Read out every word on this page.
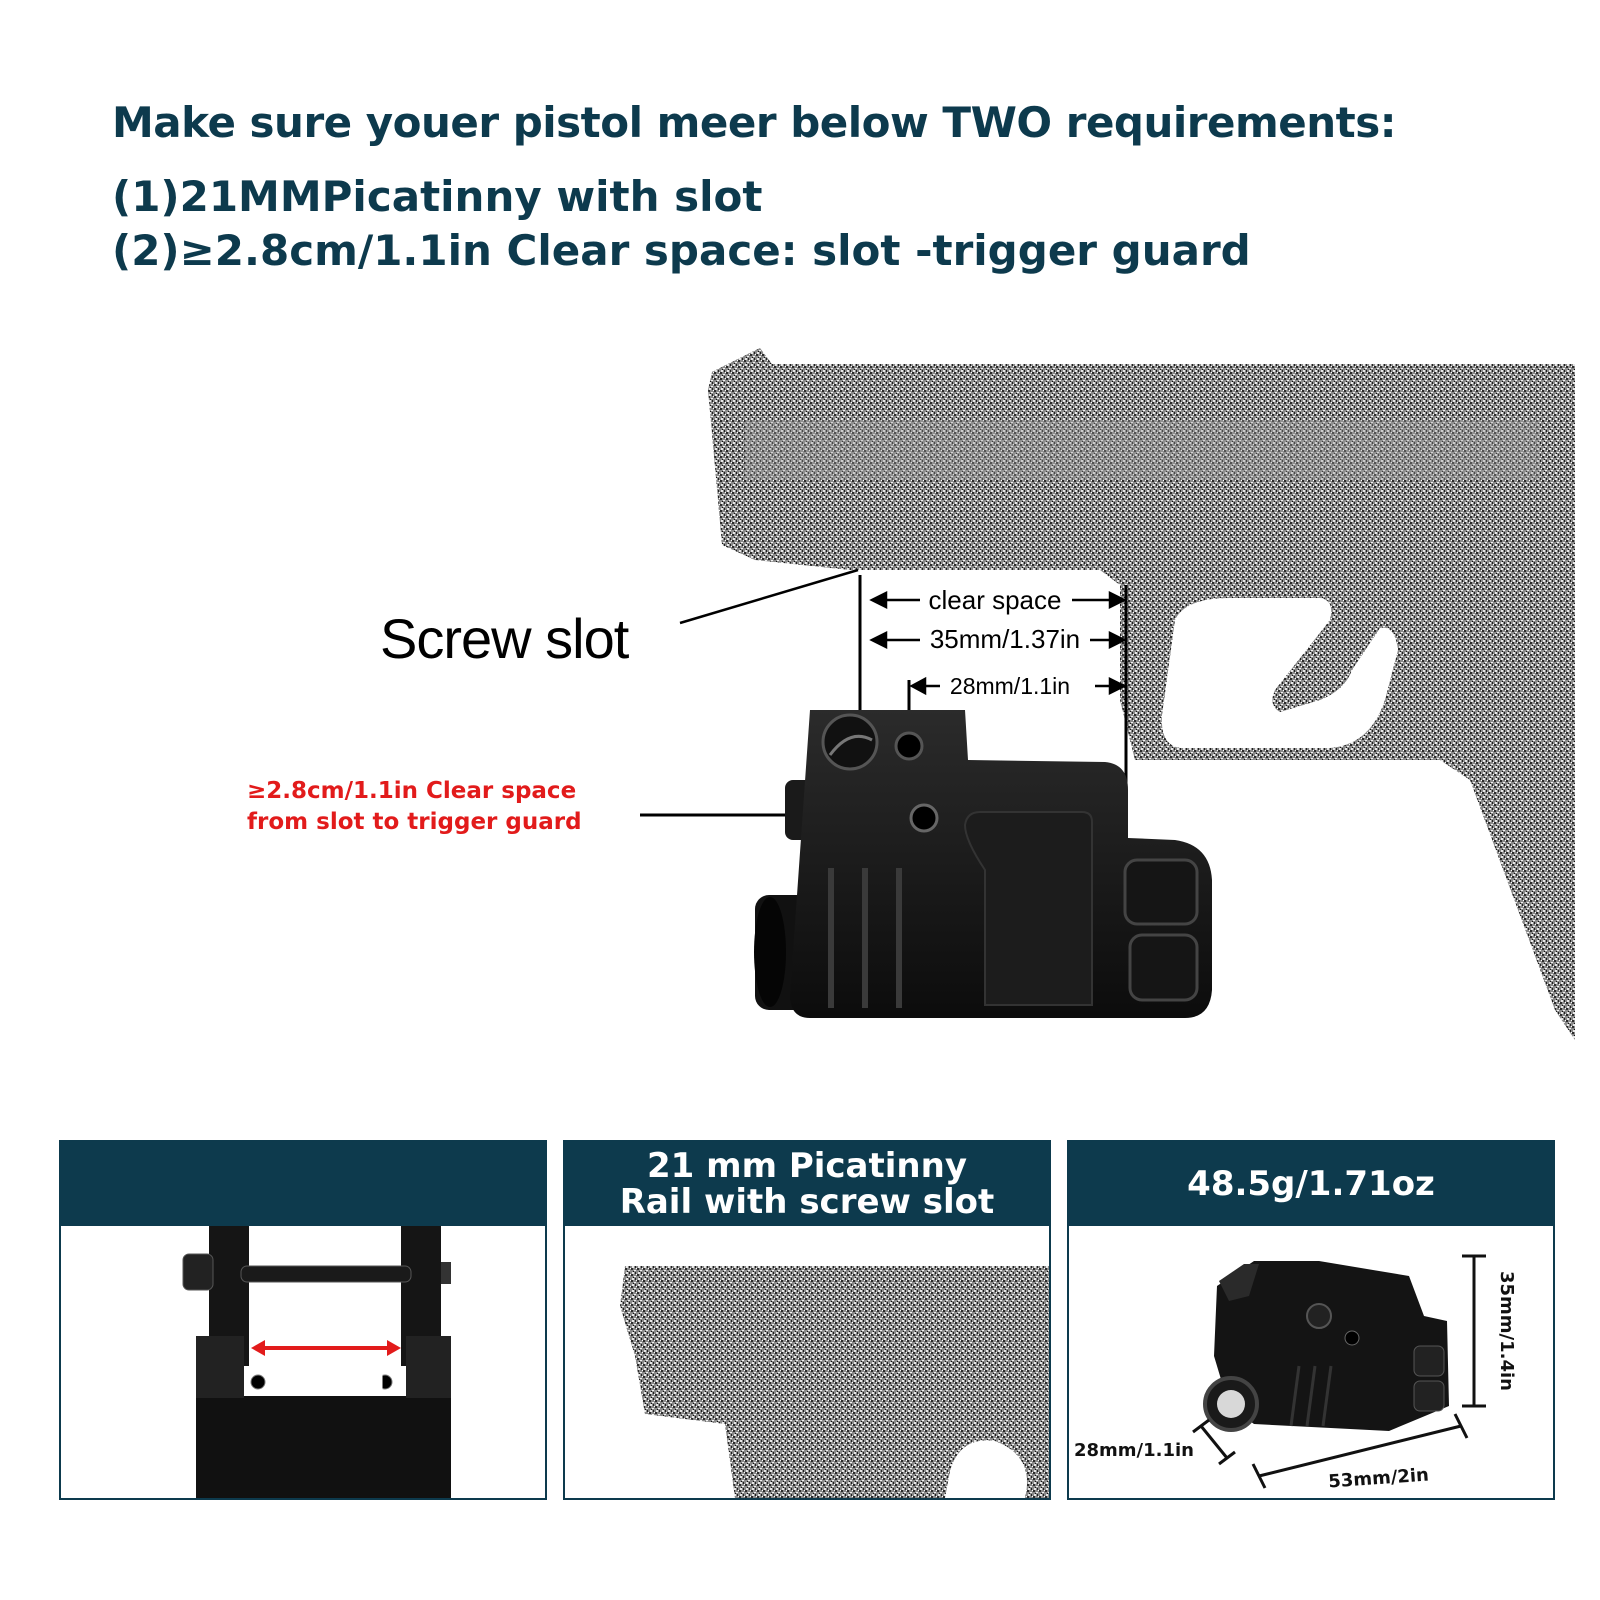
Make sure youer pistol meer below TWO requirements:
(1)21MMPicatinny with slot
(2)≥2.8cm/1.1in Clear space: slot -trigger guard
clear space
35mm/1.37in
28mm/1.1in
Screw slot
≥2.8cm/1.1in Clear space
from slot to trigger guard
20MM
21 mm Picatinny
Rail with screw slot	48.5g/1.71oz
35mm/1.4in
28mm/1.1in
53mm/2in
